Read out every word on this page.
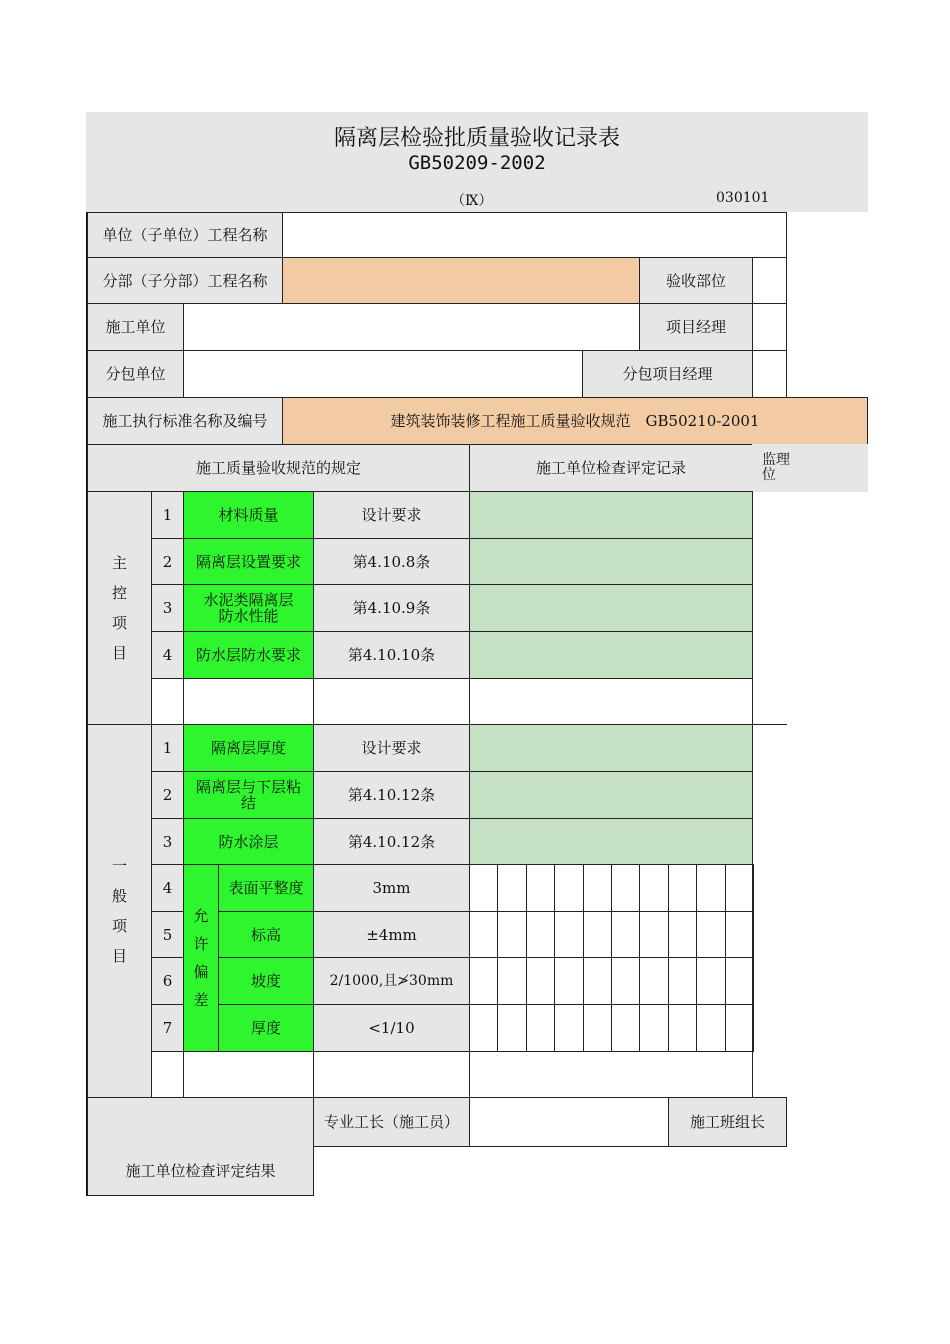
隔离层检验批质量验收记录表
GB50209-2002
（Ⅸ）	030101
单位（子单位）工程名称
分部（子分部）工程名称	验收部位
施工单位	项目经理
分包单位	分包项目经理
施工执行标准名称及编号	建筑装饰装修工程施工质量验收规范　GB50210-2001
施工质量验收规范的规定	施工单位检查评定记录	监理
位
主
控
项
目
1	材料质量	设计要求
2	隔离层设置要求	第4.10.8条
3	水泥类隔离层防水性能	第4.10.9条
4	防水层防水要求	第4.10.10条
一
般
项
目
1	隔离层厚度	设计要求
2	隔离层与下层粘结	第4.10.12条
3	防水涂层	第4.10.12条
允
许
偏
差
4	表面平整度	3mm
5	标高	±4mm
6	坡度	2/1000,且≯30mm
7	厚度	<1/10
施工单位检查评定结果
专业工长（施工员）	施工班组长
